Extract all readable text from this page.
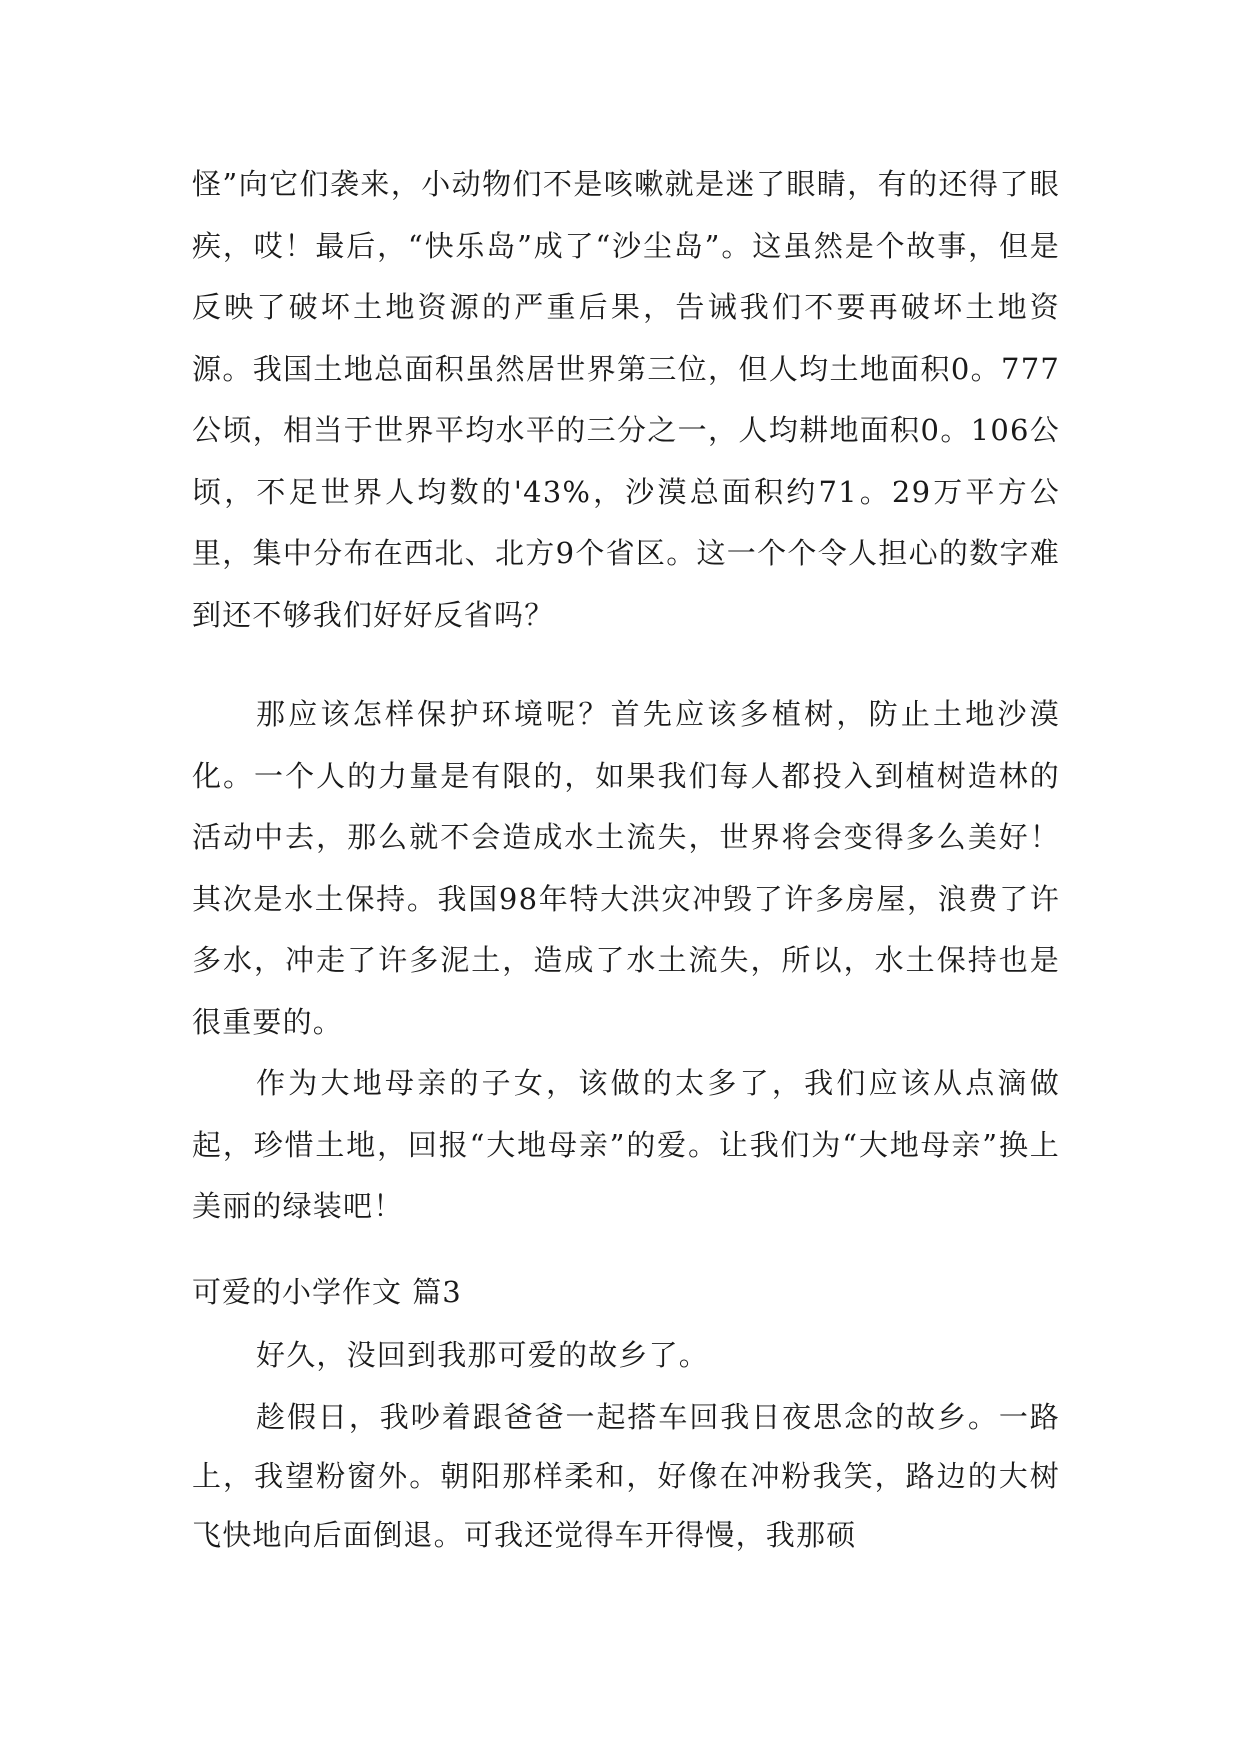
怪”向它们袭来，小动物们不是咳嗽就是迷了眼睛，有的还得了眼疾，哎！最后，“快乐岛”成了“沙尘岛”。这虽然是个故事，但是反映了破坏土地资源的严重后果，告诫我们不要再破坏土地资源。我国土地总面积虽然居世界第三位，但人均土地面积0。777公顷，相当于世界平均水平的三分之一，人均耕地面积0。106公顷，不足世界人均数的'43%，沙漠总面积约71。29万平方公里，集中分布在西北、北方9个省区。这一个个令人担心的数字难到还不够我们好好反省吗？

那应该怎样保护环境呢？首先应该多植树，防止土地沙漠化。一个人的力量是有限的，如果我们每人都投入到植树造林的活动中去，那么就不会造成水土流失，世界将会变得多么美好！其次是水土保持。我国98年特大洪灾冲毁了许多房屋，浪费了许多水，冲走了许多泥土，造成了水土流失，所以，水土保持也是很重要的。

作为大地母亲的子女，该做的太多了，我们应该从点滴做起，珍惜土地，回报“大地母亲”的爱。让我们为“大地母亲”换上美丽的绿装吧！

可爱的小学作文 篇3

好久，没回到我那可爱的故乡了。

趁假日，我吵着跟爸爸一起搭车回我日夜思念的故乡。一路上，我望粉窗外。朝阳那样柔和，好像在冲粉我笑，路边的大树飞快地向后面倒退。可我还觉得车开得慢，我那硕
